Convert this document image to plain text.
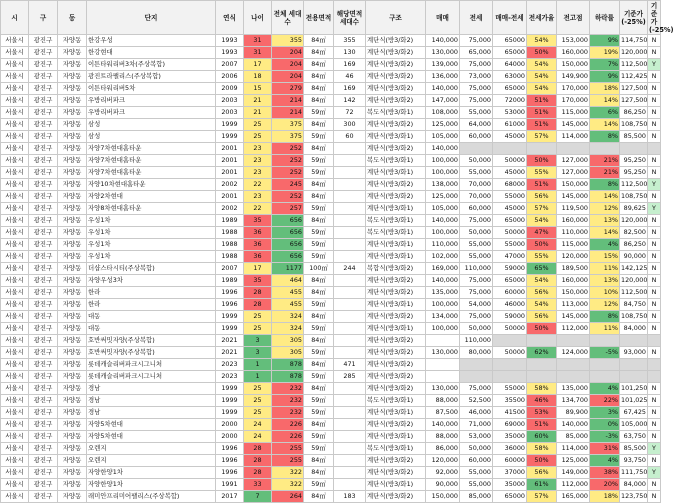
시	구	동	단지	연식	나이	전체 세대수	전용면적	해당면적 세대수	구조	매매	전세	매매-전세	전세가율	전고점	하락률	기준가 (-25%)	기준가 (-25%)
서울시	광진구	자양동	한강우성	1993	31	355	84㎡	355	계단식(방3/화2)	140,000	75,000	65000	54%	153,000	9%	114,750	N
서울시	광진구	자양동	한강현대	1993	31	204	84㎡	130	계단식(방3/화2)	130,000	65,000	65000	50%	160,000	19%	120,000	N
서울시	광진구	자양동	이튼타워리버3차(주상복합)	2007	17	204	84㎡	169	계단식(방3/화2)	139,000	75,000	64000	54%	150,000	7%	112,500	Y
서울시	광진구	자양동	광진트라팰리스(주상복합)	2006	18	204	84㎡	46	계단식(방3/화2)	136,000	73,000	63000	54%	149,900	9%	112,425	N
서울시	광진구	자양동	이튼타워리버5차	2009	15	279	84㎡	169	계단식(방3/화2)	140,000	75,000	65000	54%	170,000	18%	127,500	N
서울시	광진구	자양동	우방리버파크	2003	21	214	84㎡	142	계단식(방3/화2)	147,000	75,000	72000	51%	170,000	14%	127,500	N
서울시	광진구	자양동	우방리버파크	2003	21	214	59㎡	72	복도식(방3/화1)	108,000	55,000	53000	51%	115,000	6%	86,250	N
서울시	광진구	자양동	삼성	1999	25	375	84㎡	300	계단식(방3/화2)	125,000	64,000	61000	51%	145,000	14%	108,750	N
서울시	광진구	자양동	삼성	1999	25	375	59㎡	60	계단식(방3/화1)	105,000	60,000	45000	57%	114,000	8%	85,500	N
서울시	광진구	자양동	자양7차현대홈타운	2001	23	252	84㎡		계단식(방3/화2)	140,000							
서울시	광진구	자양동	자양7차현대홈타운	2001	23	252	59㎡		복도식(방3/화1)	100,000	50,000	50000	50%	127,000	21%	95,250	N
서울시	광진구	자양동	자양7차현대홈타운	2001	23	252	59㎡		계단식(방3/화1)	100,000	55,000	45000	55%	127,000	21%	95,250	N
서울시	광진구	자양동	자양10차현대홈타운	2002	22	245	84㎡		계단식(방3/화2)	138,000	70,000	68000	51%	150,000	8%	112,500	Y
서울시	광진구	자양동	자양2차현대	2001	23	252	84㎡		계단식(방3/화2)	125,000	70,000	55000	56%	145,000	14%	108,750	N
서울시	광진구	자양동	자양8차현대홈타운	2002	22	257	59㎡		계단식(방3/화1)	105,000	60,000	45000	57%	119,500	12%	89,625	Y
서울시	광진구	자양동	우성1차	1989	35	656	84㎡		복도식(방3/화1)	140,000	75,000	65000	54%	160,000	13%	120,000	N
서울시	광진구	자양동	우성1차	1988	36	656	59㎡		복도식(방3/화1)	100,000	50,000	50000	47%	110,000	14%	82,500	N
서울시	광진구	자양동	우성1차	1988	36	656	59㎡		계단식(방3/화1)	110,000	55,000	55000	50%	115,000	4%	86,250	N
서울시	광진구	자양동	우성1차	1988	36	656	59㎡		계단식(방3/화1)	102,000	55,000	47000	55%	120,000	15%	90,000	N
서울시	광진구	자양동	더샵스타시티(주상복합)	2007	17	1177	100㎡	244	복합식(방3/화2)	169,000	110,000	59000	65%	189,500	11%	142,125	N
서울시	광진구	자양동	자양우성3차	1989	35	464	84㎡		계단식(방3/화2)	140,000	75,000	65000	54%	160,000	13%	120,000	N
서울시	광진구	자양동	한라	1996	28	455	84㎡		계단식(방3/화2)	135,000	75,000	60000	56%	150,000	10%	112,500	N
서울시	광진구	자양동	한라	1996	28	455	59㎡		계단식(방3/화1)	100,000	54,000	46000	54%	113,000	12%	84,750	N
서울시	광진구	자양동	대동	1999	25	324	84㎡		계단식(방3/화2)	134,000	75,000	59000	56%	145,000	8%	108,750	N
서울시	광진구	자양동	대동	1999	25	324	59㎡		계단식(방3/화1)	100,000	50,000	50000	50%	112,000	11%	84,000	N
서울시	광진구	자양동	호반써밋자양(주상복합)	2021	3	305	84㎡		계단식(방3/화2)		110,000						
서울시	광진구	자양동	호반써밋자양(주상복합)	2021	3	305	59㎡		계단식(방3/화2)	130,000	80,000	50000	62%	124,000	-5%	93,000	N
서울시	광진구	자양동	롯데캐슬리버파크시그니처	2023	1	878	84㎡	471	계단식(방3/화2)								
서울시	광진구	자양동	롯데캐슬리버파크시그니처	2023	1	878	59㎡	285	계단식(방3/화2)								
서울시	광진구	자양동	경남	1999	25	232	84㎡		계단식(방3/화2)	130,000	75,000	55000	58%	135,000	4%	101,250	N
서울시	광진구	자양동	경남	1999	25	232	59㎡		복도식(방3/화1)	88,000	52,500	35500	46%	134,700	22%	101,025	N
서울시	광진구	자양동	경남	1999	25	232	59㎡		계단식(방3/화1)	87,500	46,000	41500	53%	89,900	3%	67,425	N
서울시	광진구	자양동	자양5차현대	2000	24	226	84㎡		계단식(방3/화2)	140,000	71,000	69000	51%	140,000	0%	105,000	N
서울시	광진구	자양동	자양5차현대	2000	24	226	59㎡		계단식(방3/화1)	88,000	53,000	35000	60%	85,000	-3%	63,750	N
서울시	광진구	자양동	오렌지	1996	28	255	59㎡		복도식(방3/화1)	86,000	50,000	36000	58%	114,000	31%	85,500	Y
서울시	광진구	자양동	오렌지	1996	28	255	84㎡		계단식(방3/화2)	120,000	60,000	60000	50%	125,000	4%	93,750	N
서울시	광진구	자양동	자양한양1차	1996	28	322	84㎡		계단식(방3/화2)	92,000	55,000	37000	56%	149,000	38%	111,750	Y
서울시	광진구	자양동	자양한양1차	1991	33	322	59㎡		계단식(방3/화1)	90,000	55,000	35000	61%	112,000	20%	84,000	N
서울시	광진구	자양동	래미안프리미어팰리스(주상복합)	2017	7	264	84㎡	183	계단식(방3/화2)	150,000	85,000	65000	57%	165,000	18%	123,750	N
